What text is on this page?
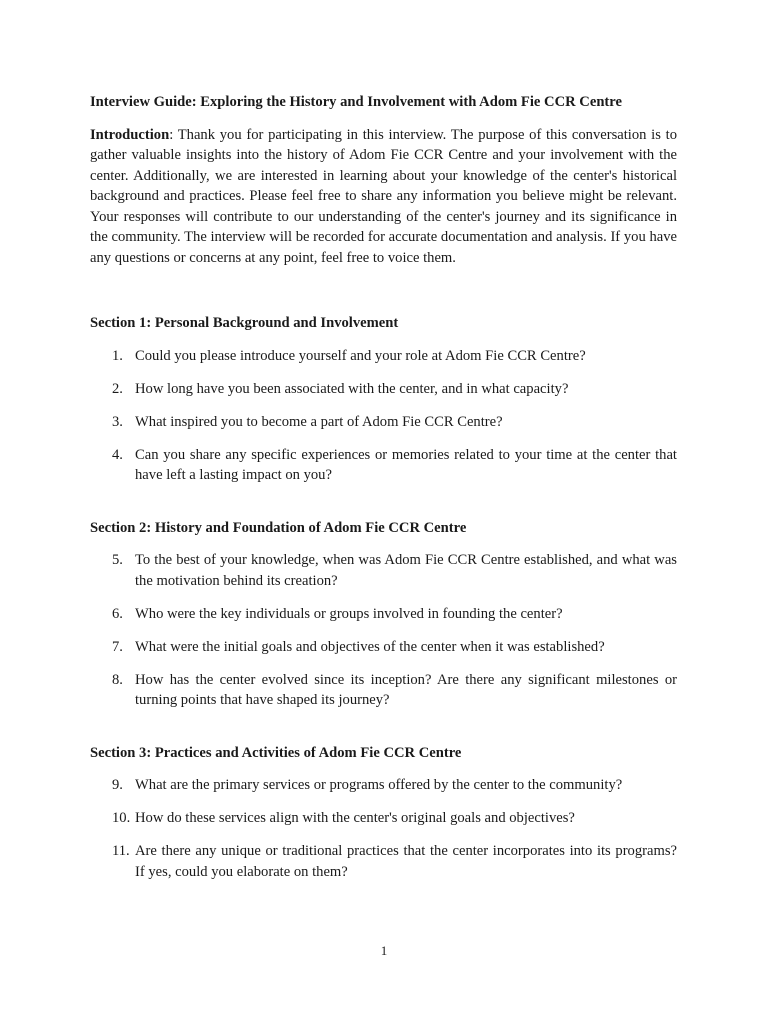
Interview Guide: Exploring the History and Involvement with Adom Fie CCR Centre

Introduction: Thank you for participating in this interview. The purpose of this conversation is to gather valuable insights into the history of Adom Fie CCR Centre and your involvement with the center. Additionally, we are interested in learning about your knowledge of the center's historical background and practices. Please feel free to share any information you believe might be relevant. Your responses will contribute to our understanding of the center's journey and its significance in the community. The interview will be recorded for accurate documentation and analysis. If you have any questions or concerns at any point, feel free to voice them.

Section 1: Personal Background and Involvement

1. Could you please introduce yourself and your role at Adom Fie CCR Centre?
2. How long have you been associated with the center, and in what capacity?
3. What inspired you to become a part of Adom Fie CCR Centre?
4. Can you share any specific experiences or memories related to your time at the center that have left a lasting impact on you?

Section 2: History and Foundation of Adom Fie CCR Centre

5. To the best of your knowledge, when was Adom Fie CCR Centre established, and what was the motivation behind its creation?
6. Who were the key individuals or groups involved in founding the center?
7. What were the initial goals and objectives of the center when it was established?
8. How has the center evolved since its inception? Are there any significant milestones or turning points that have shaped its journey?

Section 3: Practices and Activities of Adom Fie CCR Centre

9. What are the primary services or programs offered by the center to the community?
10. How do these services align with the center's original goals and objectives?
11. Are there any unique or traditional practices that the center incorporates into its programs? If yes, could you elaborate on them?
1
